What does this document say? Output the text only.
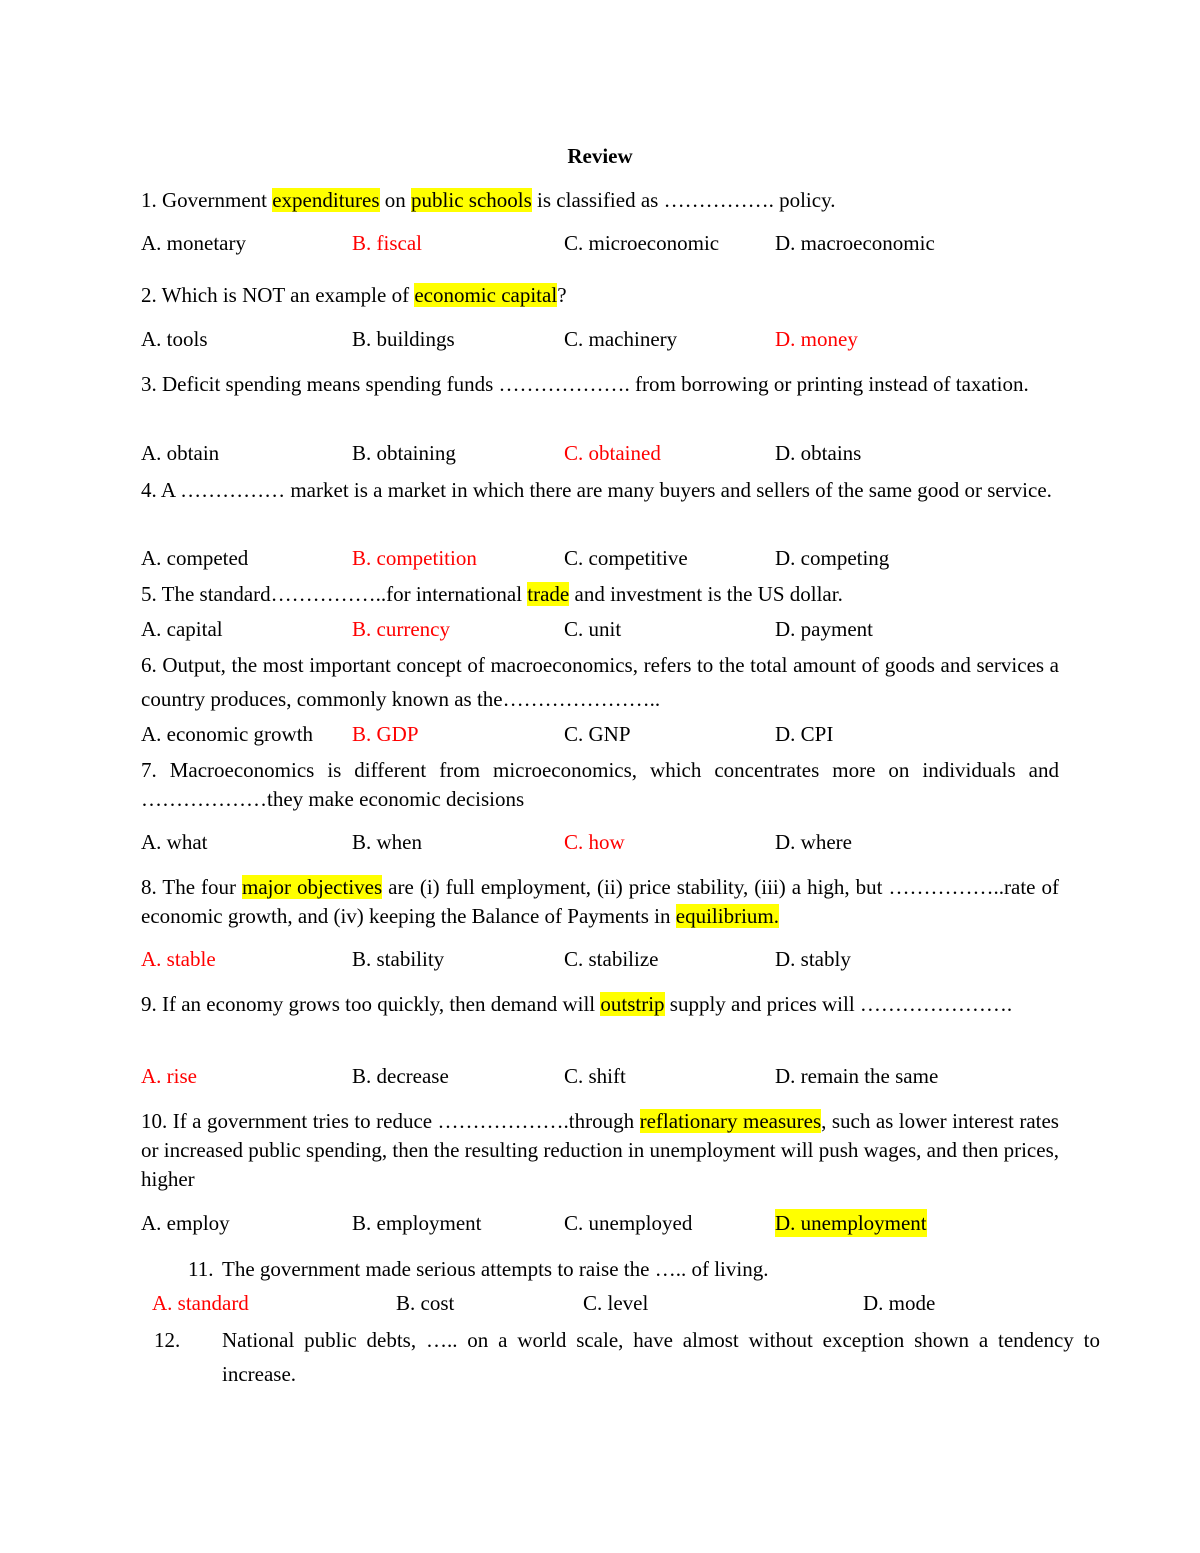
Review
1. Government expenditures on public schools is classified as ……………. policy.
A. monetary	B. fiscal	C. microeconomic	D. macroeconomic
2. Which is NOT an example of economic capital?
A. tools	B. buildings	C. machinery	D. money
3. Deficit spending means spending funds ………………. from borrowing or printing instead of taxation.
A. obtain	B. obtaining	C. obtained	D. obtains
4. A …………… market is a market in which there are many buyers and sellers of the same good or service.
A. competed	B. competition	C. competitive	D. competing
5. The standard……………..for international trade and investment is the US dollar.
A. capital	B. currency	C. unit	D. payment
6. Output, the most important concept of macroeconomics, refers to the total amount of goods and services a country produces, commonly known as the…………………..
A. economic growth B. GDP	C. GNP	D. CPI
7. Macroeconomics is different from microeconomics, which concentrates more on individuals and ………………they make economic decisions
A. what	B. when	C. how	D. where
8. The four major objectives are (i) full employment, (ii) price stability, (iii) a high, but ……………..rate of economic growth, and (iv) keeping the Balance of Payments in equilibrium.
A. stable	B. stability	C. stabilize	D. stably
9. If an economy grows too quickly, then demand will outstrip supply and prices will ………………….
A. rise	B. decrease	C. shift	D. remain the same
10. If a government tries to reduce ……………….through reflationary measures, such as lower interest rates or increased public spending, then the resulting reduction in unemployment will push wages, and then prices, higher
A. employ	B. employment	C. unemployed	D. unemployment
11. The government made serious attempts to raise the ….. of living.
A. standard	B. cost	C. level	D. mode
12. National public debts, ….. on a world scale, have almost without exception shown a tendency to increase.
